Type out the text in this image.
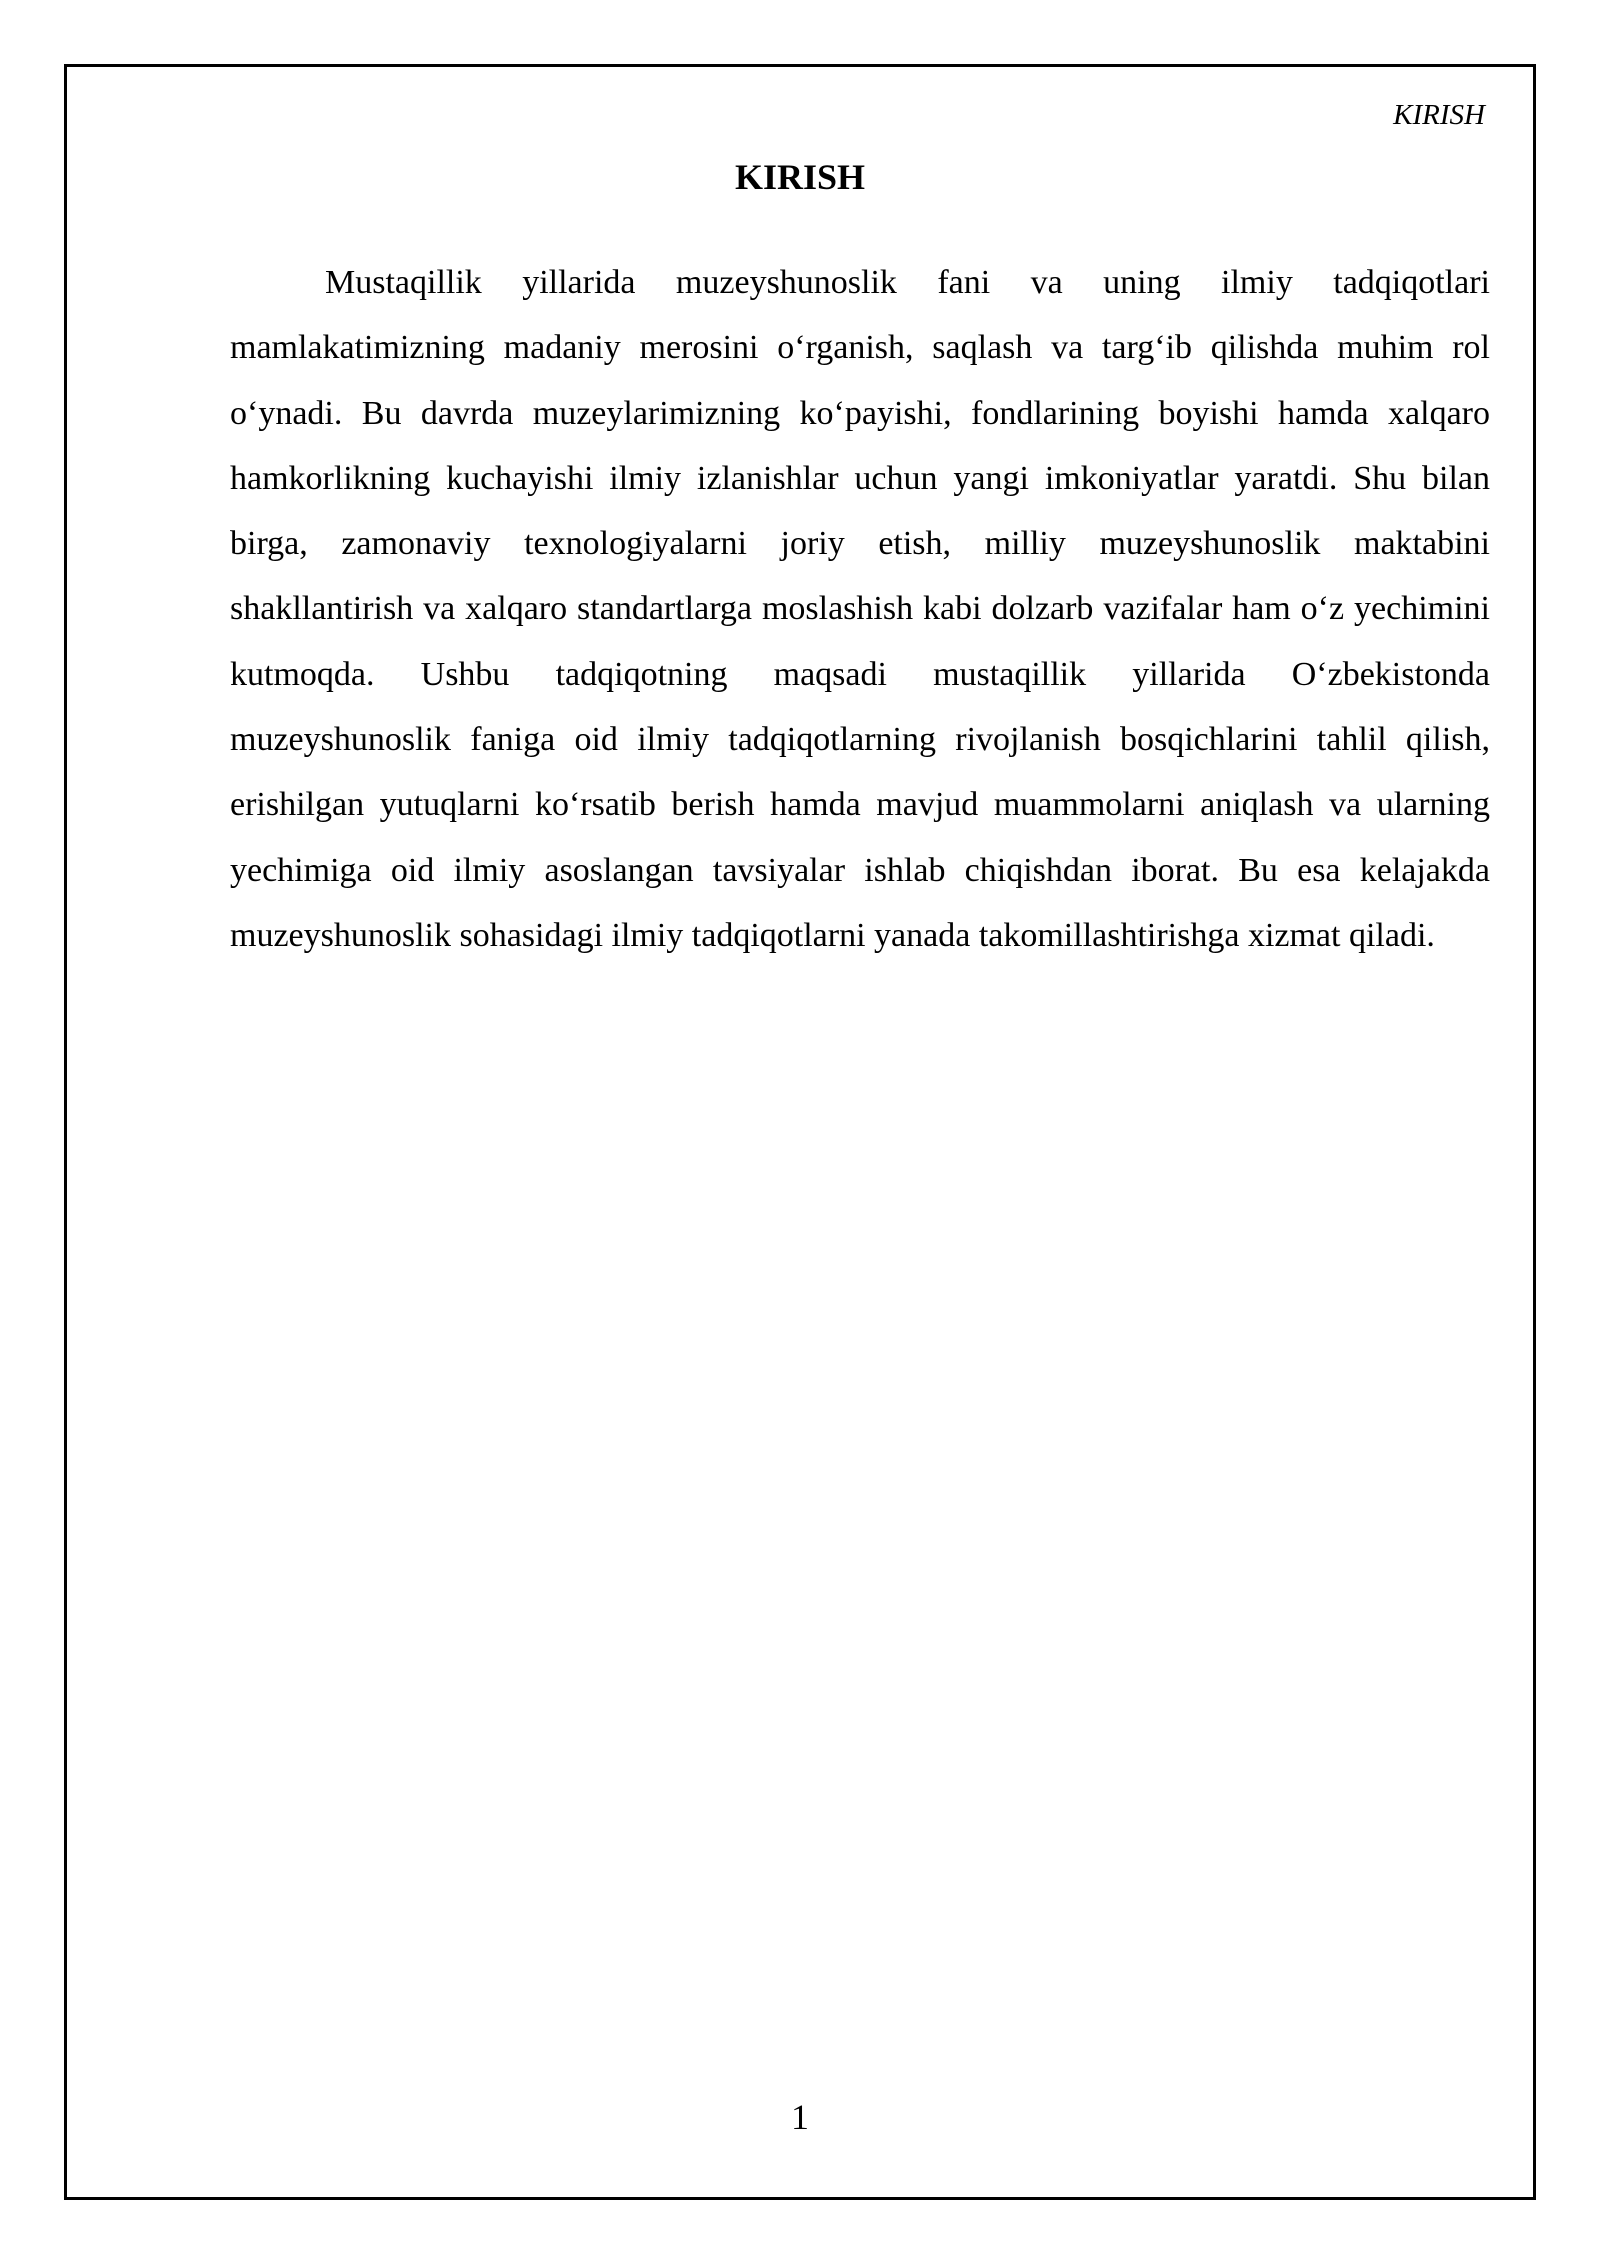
KIRISH
KIRISH

Mustaqillik yillarida muzeyshunoslik fani va uning ilmiy tadqiqotlari mamlakatimizning madaniy merosini o‘rganish, saqlash va targ‘ib qilishda muhim rol o‘ynadi. Bu davrda muzeylarimizning ko‘payishi, fondlarining boyishi hamda xalqaro hamkorlikning kuchayishi ilmiy izlanishlar uchun yangi imkoniyatlar yaratdi. Shu bilan birga, zamonaviy texnologiyalarni joriy etish, milliy muzeyshunoslik maktabini shakllantirish va xalqaro standartlarga moslashish kabi dolzarb vazifalar ham o‘z yechimini kutmoqda. Ushbu tadqiqotning maqsadi mustaqillik yillarida O‘zbekistonda muzeyshunoslik faniga oid ilmiy tadqiqotlarning rivojlanish bosqichlarini tahlil qilish, erishilgan yutuqlarni ko‘rsatib berish hamda mavjud muammolarni aniqlash va ularning yechimiga oid ilmiy asoslangan tavsiyalar ishlab chiqishdan iborat. Bu esa kelajakda muzeyshunoslik sohasidagi ilmiy tadqiqotlarni yanada takomillashtirishga xizmat qiladi.

1
